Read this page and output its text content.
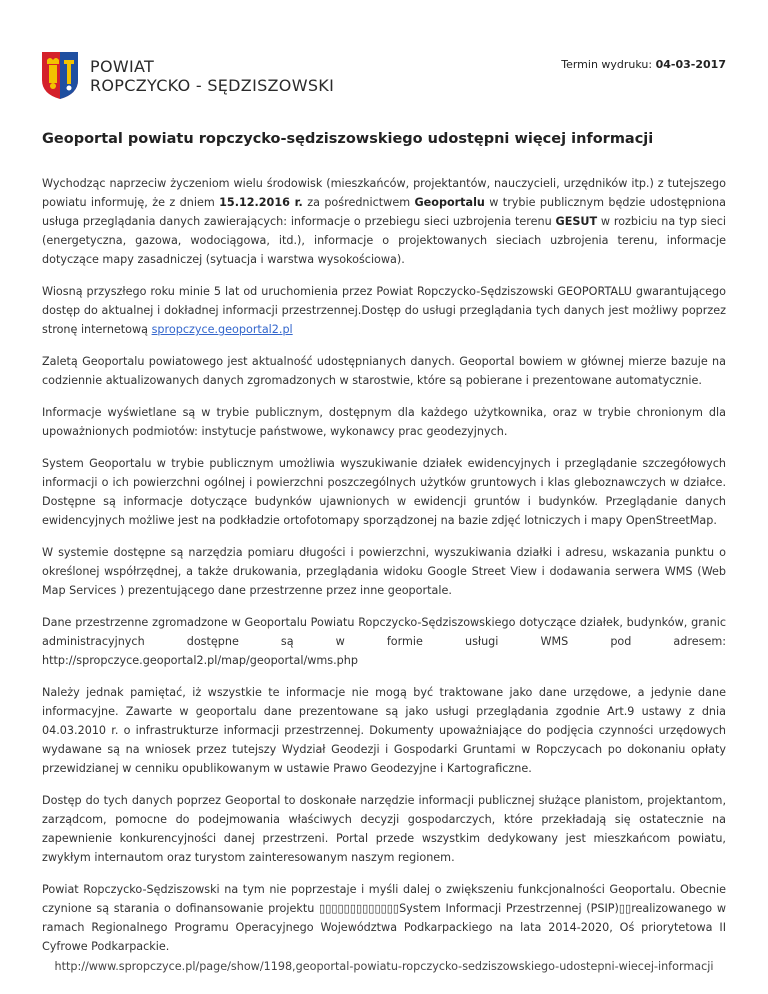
POWIAT
ROPCZYCKO - SĘDZISZOWSKI
Termin wydruku: 04-03-2017
Geoportal powiatu ropczycko-sędziszowskiego udostępni więcej informacji

Wychodząc naprzeciw życzeniom wielu środowisk (mieszkańców, projektantów, nauczycieli, urzędników itp.) z tutejszego powiatu informuję, że z dniem 15.12.2016 r. za pośrednictwem Geoportalu w trybie publicznym będzie udostępniona usługa przeglądania danych zawierających: informacje o przebiegu sieci uzbrojenia terenu GESUT w rozbiciu na typ sieci (energetyczna, gazowa, wodociągowa, itd.), informacje o projektowanych sieciach uzbrojenia terenu, informacje dotyczące mapy zasadniczej (sytuacja i warstwa wysokościowa).

Wiosną przyszłego roku minie 5 lat od uruchomienia przez Powiat Ropczycko-Sędziszowski GEOPORTALU gwarantującego dostęp do aktualnej i dokładnej informacji przestrzennej.Dostęp do usługi przeglądania tych danych jest możliwy poprzez stronę internetową spropczyce.geoportal2.pl

Zaletą Geoportalu powiatowego jest aktualność udostępnianych danych. Geoportal bowiem w głównej mierze bazuje na codziennie aktualizowanych danych zgromadzonych w starostwie, które są pobierane i prezentowane automatycznie.

Informacje wyświetlane są w trybie publicznym, dostępnym dla każdego użytkownika, oraz w trybie chronionym dla upoważnionych podmiotów: instytucje państwowe, wykonawcy prac geodezyjnych.

System Geoportalu w trybie publicznym umożliwia wyszukiwanie działek ewidencyjnych i przeglądanie szczegółowych informacji o ich powierzchni ogólnej i powierzchni poszczególnych użytków gruntowych i klas gleboznawczych w działce. Dostępne są informacje dotyczące budynków ujawnionych w ewidencji gruntów i budynków. Przeglądanie danych ewidencyjnych możliwe jest na podkładzie ortofotomapy sporządzonej na bazie zdjęć lotniczych i mapy OpenStreetMap.

W systemie dostępne są narzędzia pomiaru długości i powierzchni, wyszukiwania działki i adresu, wskazania punktu o określonej współrzędnej, a także drukowania, przeglądania widoku Google Street View i dodawania serwera WMS (Web Map Services ) prezentującego dane przestrzenne przez inne geoportale.

Dane przestrzenne zgromadzone w Geoportalu Powiatu Ropczycko-Sędziszowskiego dotyczące działek, budynków, granic administracyjnych dostępne są w formie usługi WMS pod adresem: http://spropczyce.geoportal2.pl/map/geoportal/wms.php

Należy jednak pamiętać, iż wszystkie te informacje nie mogą być traktowane jako dane urzędowe, a jedynie dane informacyjne. Zawarte w geoportalu dane prezentowane są jako usługi przeglądania zgodnie Art.9 ustawy z dnia 04.03.2010 r. o infrastrukturze informacji przestrzennej. Dokumenty upoważniające do podjęcia czynności urzędowych wydawane są na wniosek przez tutejszy Wydział Geodezji i Gospodarki Gruntami w Ropczycach po dokonaniu opłaty przewidzianej w cenniku opublikowanym w ustawie Prawo Geodezyjne i Kartograficzne.

Dostęp do tych danych poprzez Geoportal to doskonałe narzędzie informacji publicznej służące planistom, projektantom, zarządcom, pomocne do podejmowania właściwych decyzji gospodarczych, które przekładają się ostatecznie na zapewnienie konkurencyjności danej przestrzeni. Portal przede wszystkim dedykowany jest mieszkańcom powiatu, zwykłym internautom oraz turystom zainteresowanym naszym regionem.

Powiat Ropczycko-Sędziszowski na tym nie poprzestaje i myśli dalej o zwiększeniu funkcjonalności Geoportalu. Obecnie czynione są starania o dofinansowanie projektu ▯▯▯▯▯▯▯▯▯▯▯▯▯System Informacji Przestrzennej (PSIP)▯▯realizowanego w ramach Regionalnego Programu Operacyjnego Województwa Podkarpackiego na lata 2014-2020, Oś priorytetowa II Cyfrowe Podkarpackie.

http://www.spropczyce.pl/page/show/1198,geoportal-powiatu-ropczycko-sedziszowskiego-udostepni-wiecej-informacji
